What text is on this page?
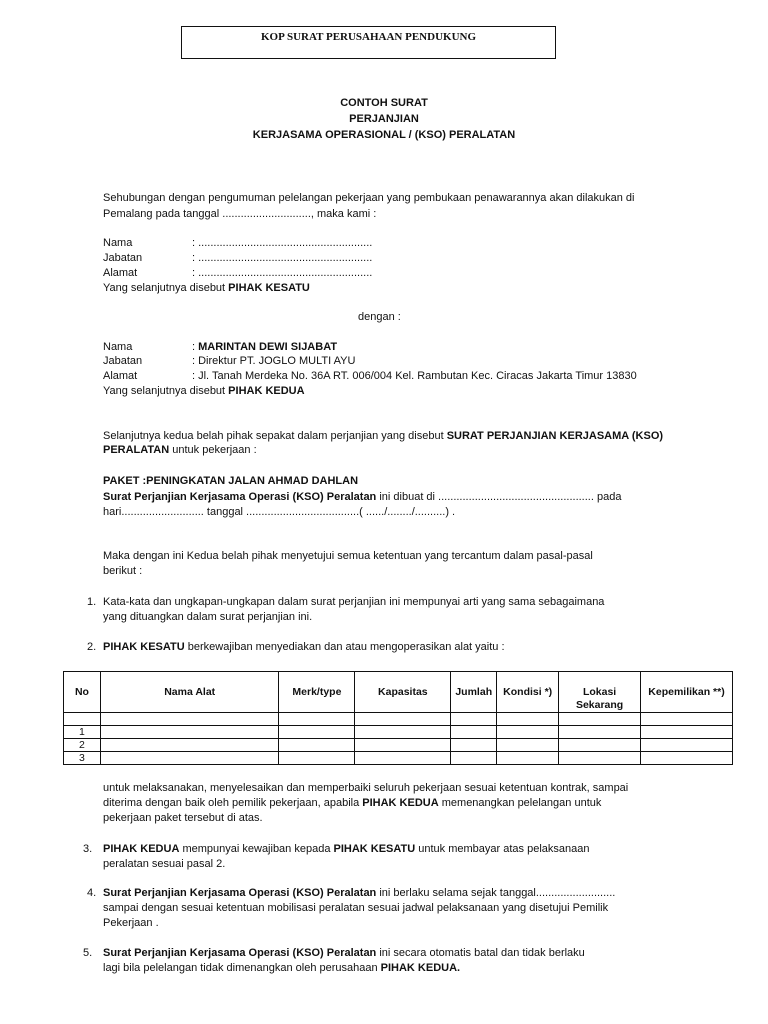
KOP SURAT PERUSAHAAN PENDUKUNG
CONTOH SURAT
PERJANJIAN
KERJASAMA OPERASIONAL / (KSO) PERALATAN
Sehubungan dengan pengumuman pelelangan pekerjaan yang pembukaan penawarannya akan dilakukan di
Pemalang pada tanggal ............................., maka kami :
Nama	: .........................................................
Jabatan	: .........................................................
Alamat	: .........................................................
Yang selanjutnya disebut PIHAK KESATU
dengan :
Nama	: MARINTAN DEWI SIJABAT
Jabatan	: Direktur PT. JOGLO MULTI AYU
Alamat	: Jl. Tanah Merdeka No. 36A RT. 006/004 Kel. Rambutan Kec. Ciracas Jakarta Timur 13830
Yang selanjutnya disebut PIHAK KEDUA
Selanjutnya kedua belah pihak sepakat dalam perjanjian yang disebut SURAT PERJANJIAN KERJASAMA (KSO)
PERALATAN untuk pekerjaan :
PAKET :PENINGKATAN JALAN AHMAD DAHLAN
Surat Perjanjian Kerjasama Operasi (KSO) Peralatan ini dibuat di ................................................... pada
hari........................... tanggal .....................................( ....../......../..........) .
Maka dengan ini Kedua belah pihak menyetujui semua ketentuan yang tercantum dalam pasal-pasal
berikut :
1. Kata-kata dan ungkapan-ungkapan dalam surat perjanjian ini mempunyai arti yang sama sebagaimana
yang dituangkan dalam surat perjanjian ini.
2. PIHAK KESATU berkewajiban menyediakan dan atau mengoperasikan alat yaitu :
No	Nama Alat	Merk/type	Kapasitas	Jumlah	Kondisi *)	Lokasi Sekarang	Kepemilikan **)

1							
2							
3							
untuk melaksanakan, menyelesaikan dan memperbaiki seluruh pekerjaan sesuai ketentuan kontrak, sampai
diterima dengan baik oleh pemilik pekerjaan, apabila PIHAK KEDUA memenangkan pelelangan untuk
pekerjaan paket tersebut di atas.
3. PIHAK KEDUA mempunyai kewajiban kepada PIHAK KESATU untuk membayar atas pelaksanaan
peralatan sesuai pasal 2.
4. Surat Perjanjian Kerjasama Operasi (KSO) Peralatan ini berlaku selama sejak tanggal..........................
sampai dengan sesuai ketentuan mobilisasi peralatan sesuai jadwal pelaksanaan yang disetujui Pemilik
Pekerjaan .
5. Surat Perjanjian Kerjasama Operasi (KSO) Peralatan ini secara otomatis batal dan tidak berlaku
lagi bila pelelangan tidak dimenangkan oleh perusahaan PIHAK KEDUA.
